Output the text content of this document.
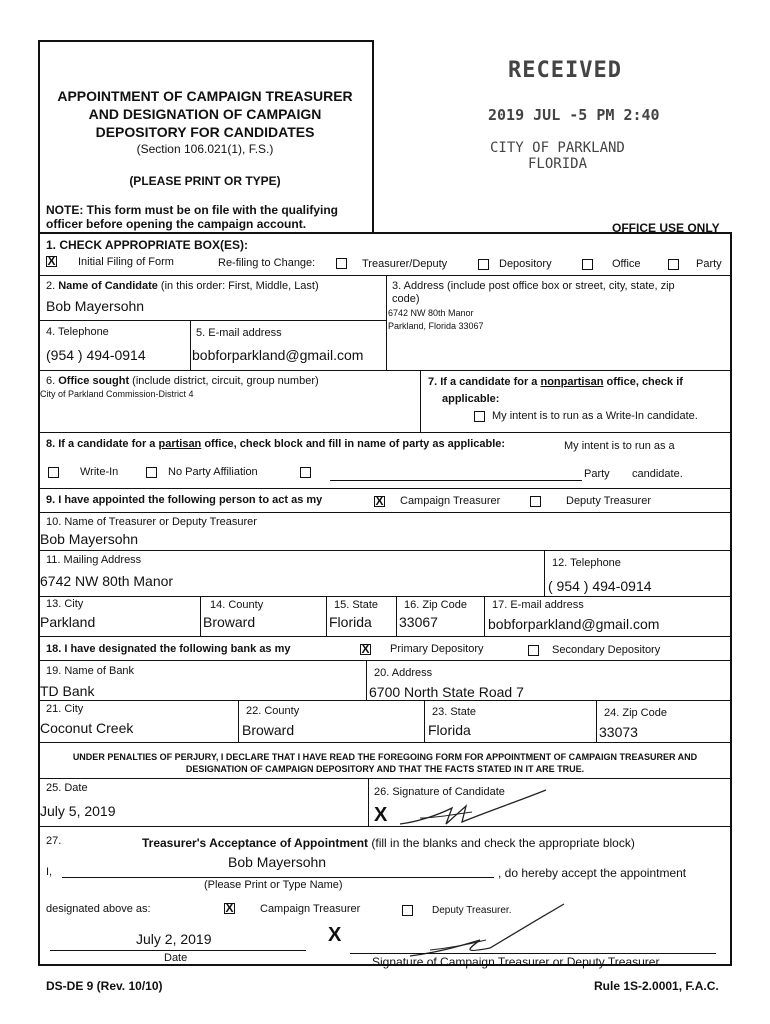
APPOINTMENT OF CAMPAIGN TREASURER
AND DESIGNATION OF CAMPAIGN
DEPOSITORY FOR CANDIDATES
(Section 106.021(1), F.S.)
(PLEASE PRINT OR TYPE)
NOTE: This form must be on file with the qualifying
officer before opening the campaign account.	OFFICE USE ONLY
RECEIVED
2019 JUL -5 PM 2:40
CITY OF PARKLAND
FLORIDA
1. CHECK APPROPRIATE BOX(ES):
X Initial Filing of Form	Re-filing to Change:	Treasurer/Deputy	Depository	Office	Party
2. Name of Candidate (in this order: First, Middle, Last)
Bob Mayersohn
3. Address (include post office box or street, city, state, zip
code)
6742 NW 80th Manor
Parkland, Florida 33067
4. Telephone	5. E-mail address
(954 ) 494-0914	bobforparkland@gmail.com
6. Office sought (include district, circuit, group number)
City of Parkland Commission-District 4
7. If a candidate for a nonpartisan office, check if
applicable:
My intent is to run as a Write-In candidate.
8. If a candidate for a partisan office, check block and fill in name of party as applicable:	My intent is to run as a
Write-In	No Party Affiliation	Party candidate.
9. I have appointed the following person to act as my	X Campaign Treasurer	Deputy Treasurer
10. Name of Treasurer or Deputy Treasurer
Bob Mayersohn
11. Mailing Address
6742 NW 80th Manor
12. Telephone
( 954 ) 494-0914
13. City
Parkland
14. County
Broward
15. State
Florida
16. Zip Code
33067
17. E-mail address
bobforparkland@gmail.com
18. I have designated the following bank as my	X Primary Depository	Secondary Depository
19. Name of Bank
TD Bank
20. Address
6700 North State Road 7
21. City
Coconut Creek
22. County
Broward
23. State
Florida
24. Zip Code
33073
UNDER PENALTIES OF PERJURY, I DECLARE THAT I HAVE READ THE FOREGOING FORM FOR APPOINTMENT OF CAMPAIGN TREASURER AND
DESIGNATION OF CAMPAIGN DEPOSITORY AND THAT THE FACTS STATED IN IT ARE TRUE.
25. Date
July 5, 2019
26. Signature of Candidate
X
27.	Treasurer's Acceptance of Appointment (fill in the blanks and check the appropriate block)
I,
Bob Mayersohn
, do hereby accept the appointment
(Please Print or Type Name)
designated above as:	X Campaign Treasurer	Deputy Treasurer.
July 2, 2019
Date
X
Signature of Campaign Treasurer or Deputy Treasurer
DS-DE 9 (Rev. 10/10)	Rule 1S-2.0001, F.A.C.
